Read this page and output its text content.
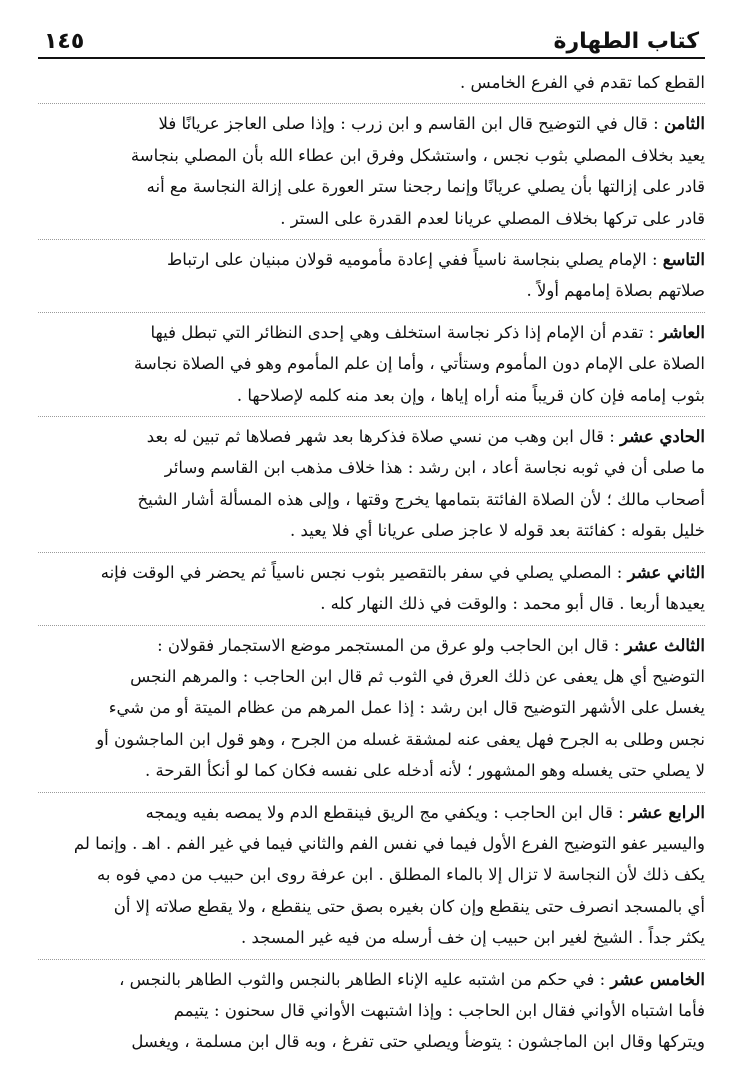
كتاب الطهارة
١٤٥

القطع كما تقدم في الفرع الخامس .

الثامن : قال في التوضيح قال ابن القاسم و ابن زرب : وإذا صلى العاجز عريانًا فلا
يعيد بخلاف المصلي بثوب نجس ، واستشكل وفرق ابن عطاء الله بأن المصلي بنجاسة
قادر على إزالتها بأن يصلي عريانًا وإنما رجحنا ستر العورة على إزالة النجاسة مع أنه
قادر على تركها بخلاف المصلي عريانا لعدم القدرة على الستر .

التاسع : الإمام يصلي بنجاسة ناسياً ففي إعادة مأموميه قولان مبنيان على ارتباط
صلاتهم بصلاة إمامهم أولاً .

العاشر : تقدم أن الإمام إذا ذكر نجاسة استخلف وهي إحدى النظائر التي تبطل فيها
الصلاة على الإمام دون المأموم وستأتي ، وأما إن علم المأموم وهو في الصلاة نجاسة
بثوب إمامه فإن كان قريباً منه أراه إياها ، وإن بعد منه كلمه لإصلاحها .

الحادي عشر : قال ابن وهب من نسي صلاة فذكرها بعد شهر فصلاها ثم تبين له بعد
ما صلى أن في ثوبه نجاسة أعاد ، ابن رشد : هذا خلاف مذهب ابن القاسم وسائر
أصحاب مالك ؛ لأن الصلاة الفائتة بتمامها يخرج وقتها ، وإلى هذه المسألة أشار الشيخ
خليل بقوله : كفائتة بعد قوله لا عاجز صلى عريانا أي فلا يعيد .

الثاني عشر : المصلي يصلي في سفر بالتقصير بثوب نجس ناسياً ثم يحضر في الوقت فإنه
يعيدها أربعا . قال أبو محمد : والوقت في ذلك النهار كله .

الثالث عشر : قال ابن الحاجب ولو عرق من المستجمر موضع الاستجمار فقولان :
التوضيح أي هل يعفى عن ذلك العرق في الثوب ثم قال ابن الحاجب : والمرهم النجس
يغسل على الأشهر التوضيح قال ابن رشد : إذا عمل المرهم من عظام الميتة أو من شيء
نجس وطلى به الجرح فهل يعفى عنه لمشقة غسله من الجرح ، وهو قول ابن الماجشون أو
لا يصلي حتى يغسله وهو المشهور ؛ لأنه أدخله على نفسه فكان كما لو أنكأ القرحة .

الرابع عشر : قال ابن الحاجب : ويكفي مج الريق فينقطع الدم ولا يمصه بفيه ويمجه
واليسير عفو التوضيح الفرع الأول فيما في نفس الفم والثاني فيما في غير الفم . اهـ . وإنما لم
يكف ذلك لأن النجاسة لا تزال إلا بالماء المطلق . ابن عرفة روى ابن حبيب من دمي فوه به
أي بالمسجد انصرف حتى ينقطع وإن كان بغيره بصق حتى ينقطع ، ولا يقطع صلاته إلا أن
يكثر جداً . الشيخ لغير ابن حبيب إن خف أرسله من فيه غير المسجد .

الخامس عشر : في حكم من اشتبه عليه الإناء الطاهر بالنجس والثوب الطاهر بالنجس ،
فأما اشتباه الأواني فقال ابن الحاجب : وإذا اشتبهت الأواني قال سحنون : يتيمم
ويتركها وقال ابن الماجشون : يتوضأ ويصلي حتى تفرغ ، وبه قال ابن مسلمة ، ويغسل
